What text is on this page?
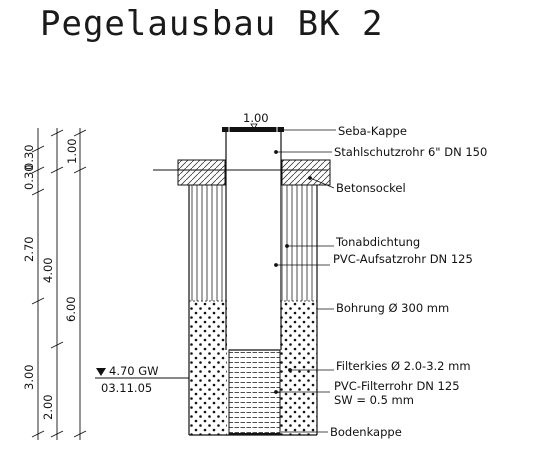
Pegelausbau BK 2
1.00
Seba-Kappe
Stahlschutzrohr 6" DN 150
Betonsockel
Tonabdichtung
PVC-Aufsatzrohr DN 125
Bohrung Ø 300 mm
Filterkies Ø 2.0-3.2 mm
PVC-Filterrohr DN 125
SW = 0.5 mm
Bodenkappe
0.30
0.30
2.70
3.00
1.00
4.00
2.00
6.00
4.70 GW
03.11.05
